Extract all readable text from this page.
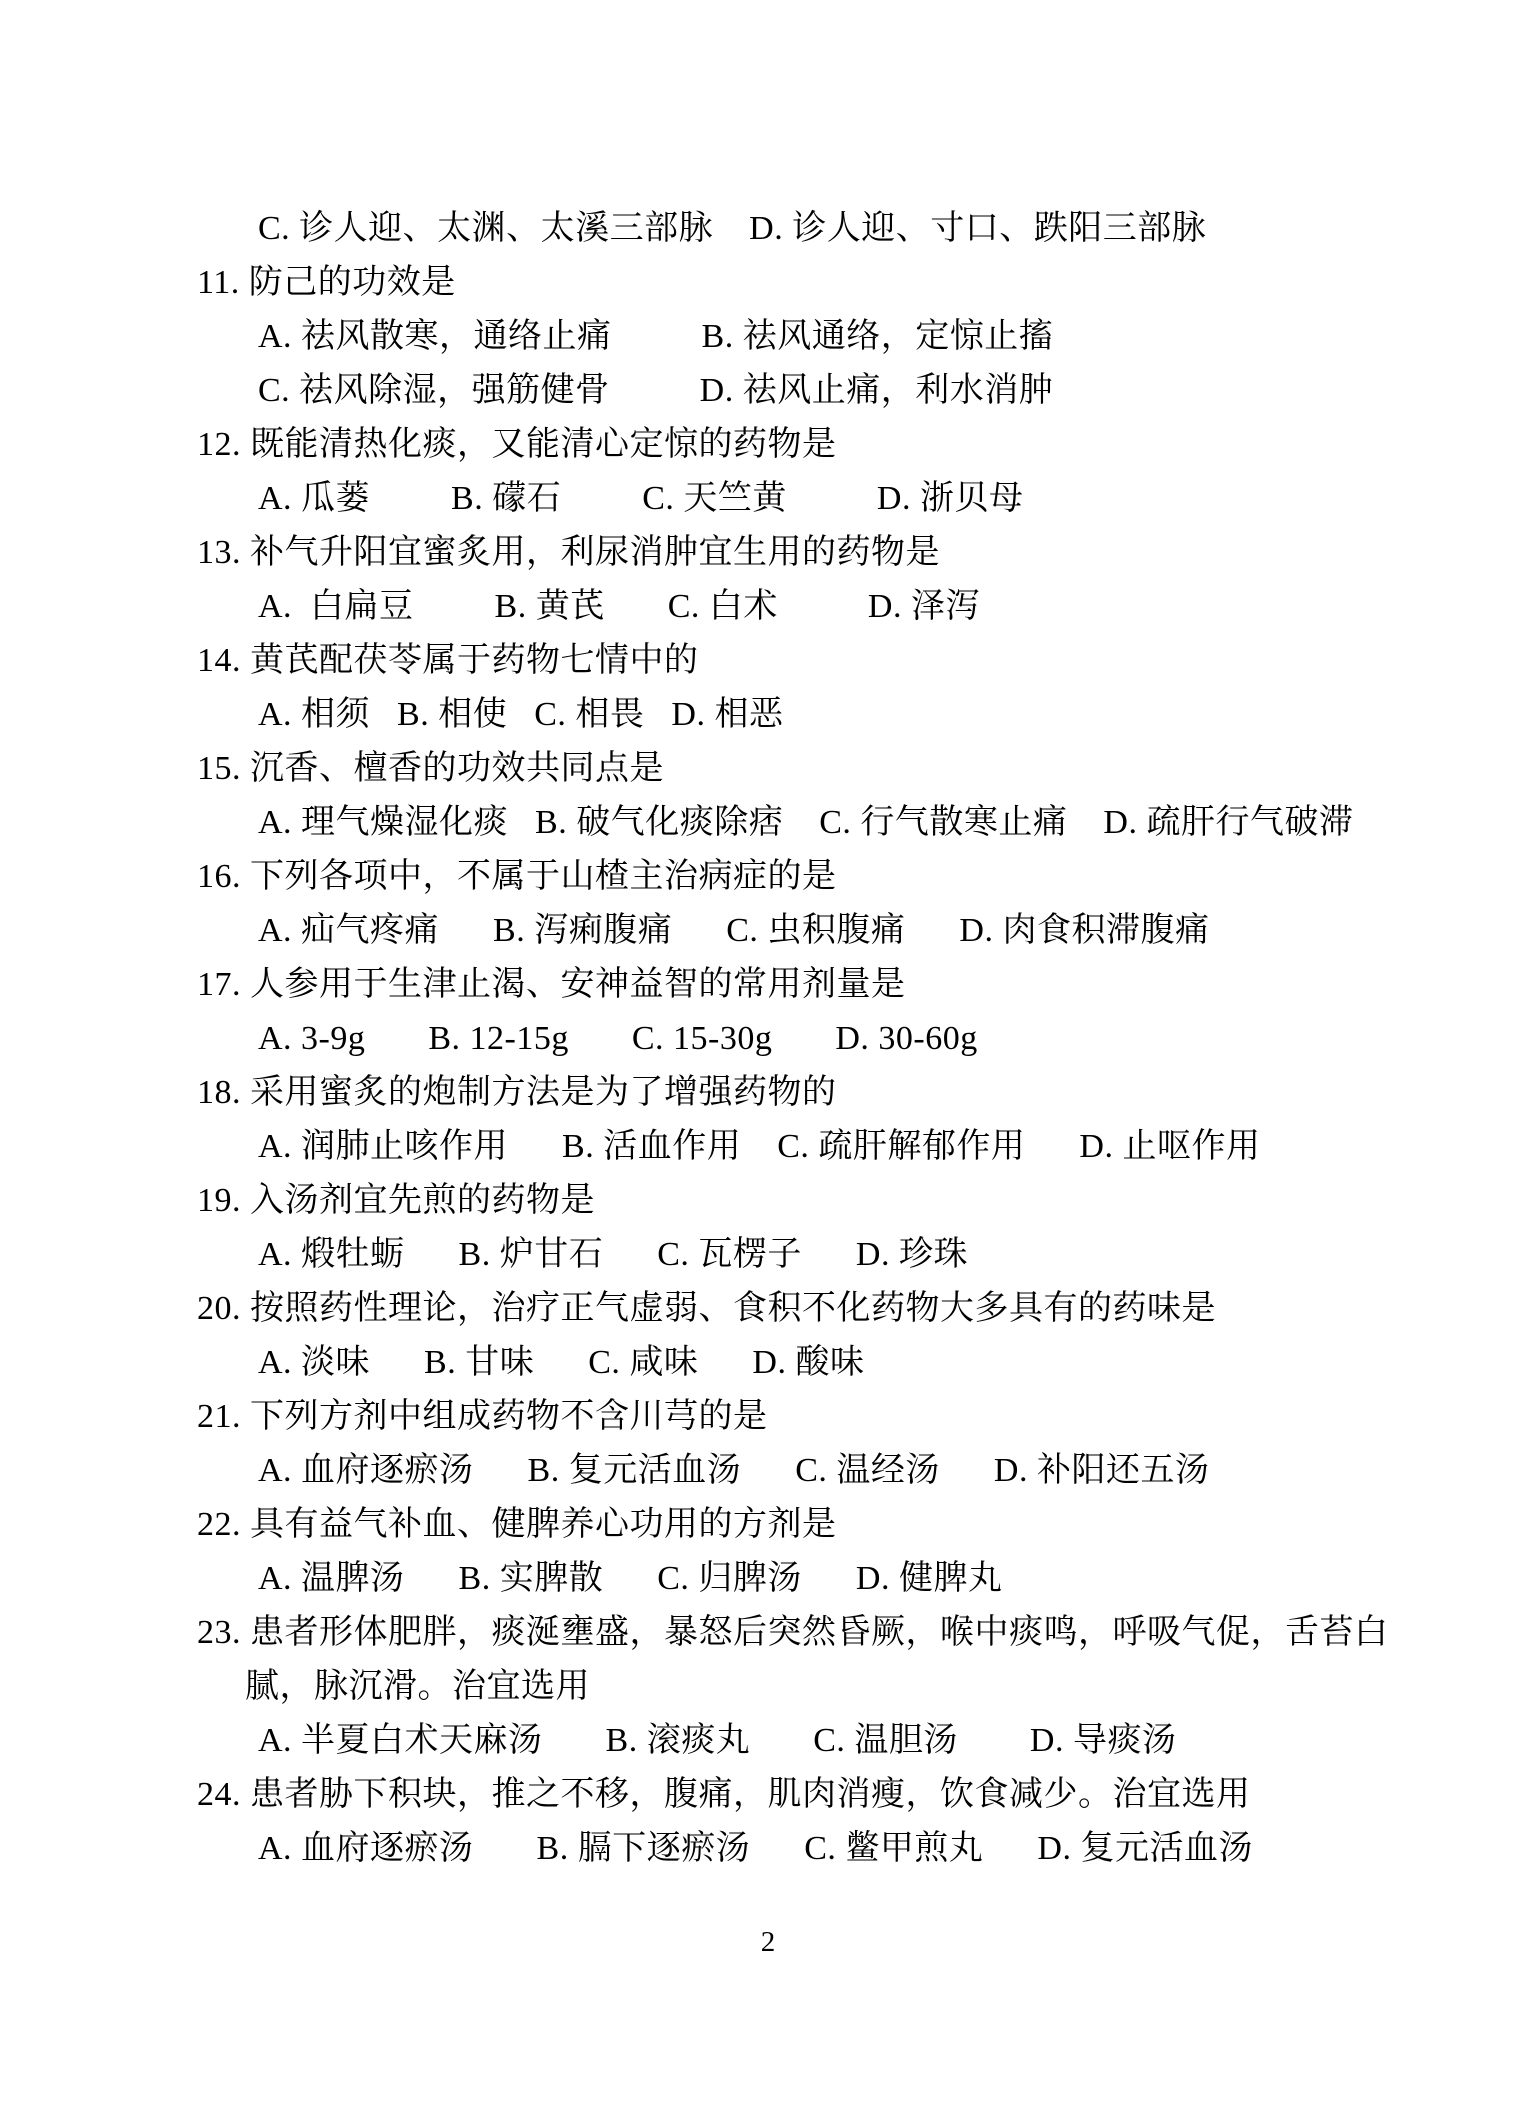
C. 诊人迎、太渊、太溪三部脉    D. 诊人迎、寸口、跌阳三部脉
11. 防己的功效是
A. 祛风散寒，通络止痛          B. 祛风通络，定惊止搐
C. 祛风除湿，强筋健骨          D. 祛风止痛，利水消肿
12. 既能清热化痰，又能清心定惊的药物是
A. 瓜蒌         B. 礞石         C. 天竺黄          D. 浙贝母
13. 补气升阳宜蜜炙用，利尿消肿宜生用的药物是
A.  白扁豆         B. 黄芪       C. 白术          D. 泽泻
14. 黄芪配茯苓属于药物七情中的
A. 相须   B. 相使   C. 相畏   D. 相恶
15. 沉香、檀香的功效共同点是
A. 理气燥湿化痰   B. 破气化痰除痞    C. 行气散寒止痛    D. 疏肝行气破滞
16. 下列各项中，不属于山楂主治病症的是
A. 疝气疼痛      B. 泻痢腹痛      C. 虫积腹痛      D. 肉食积滞腹痛
17. 人参用于生津止渴、安神益智的常用剂量是
A. 3-9g       B. 12-15g       C. 15-30g       D. 30-60g
18. 采用蜜炙的炮制方法是为了增强药物的
A. 润肺止咳作用      B. 活血作用    C. 疏肝解郁作用      D. 止呕作用
19. 入汤剂宜先煎的药物是
A. 煅牡蛎      B. 炉甘石      C. 瓦楞子      D. 珍珠
20. 按照药性理论，治疗正气虚弱、食积不化药物大多具有的药味是
A. 淡味      B. 甘味      C. 咸味      D. 酸味
21. 下列方剂中组成药物不含川芎的是
A. 血府逐瘀汤      B. 复元活血汤      C. 温经汤      D. 补阳还五汤
22. 具有益气补血、健脾养心功用的方剂是
A. 温脾汤      B. 实脾散      C. 归脾汤      D. 健脾丸
23. 患者形体肥胖，痰涎壅盛，暴怒后突然昏厥，喉中痰鸣，呼吸气促，舌苔白
腻，脉沉滑。治宜选用
A. 半夏白术天麻汤       B. 滚痰丸       C. 温胆汤        D. 导痰汤
24. 患者胁下积块，推之不移，腹痛，肌肉消瘦，饮食减少。治宜选用
A. 血府逐瘀汤       B. 膈下逐瘀汤      C. 鳖甲煎丸      D. 复元活血汤
2
